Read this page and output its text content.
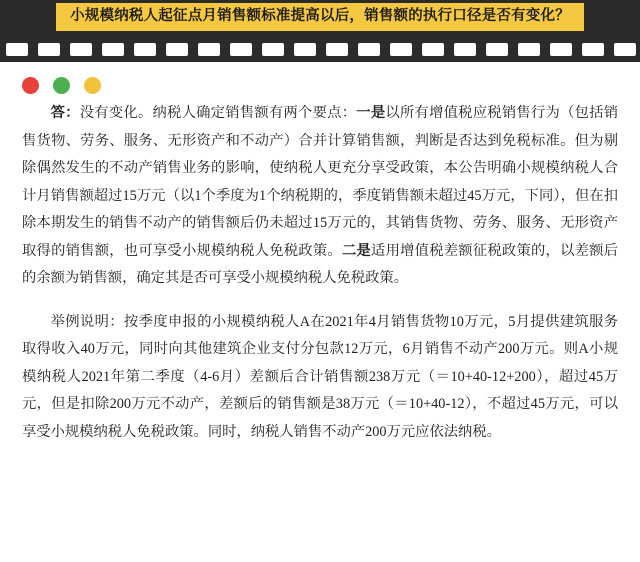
小规模纳税人起征点月销售额标准提高以后，销售额的执行口径是否有变化？

答：没有变化。纳税人确定销售额有两个要点：一是以所有增值税应税销售行为（包括销售货物、劳务、服务、无形资产和不动产）合并计算销售额，判断是否达到免税标准。但为剔除偶然发生的不动产销售业务的影响，使纳税人更充分享受政策，本公告明确小规模纳税人合计月销售额超过15万元（以1个季度为1个纳税期的，季度销售额未超过45万元，下同），但在扣除本期发生的销售不动产的销售额后仍未超过15万元的，其销售货物、劳务、服务、无形资产取得的销售额，也可享受小规模纳税人免税政策。二是适用增值税差额征税政策的，以差额后的余额为销售额，确定其是否可享受小规模纳税人免税政策。

举例说明：按季度申报的小规模纳税人A在2021年4月销售货物10万元，5月提供建筑服务取得收入40万元，同时向其他建筑企业支付分包款12万元，6月销售不动产200万元。则A小规模纳税人2021年第二季度（4-6月）差额后合计销售额238万元（＝10+40-12+200），超过45万元，但是扣除200万元不动产，差额后的销售额是38万元（＝10+40-12），不超过45万元，可以享受小规模纳税人免税政策。同时，纳税人销售不动产200万元应依法纳税。
